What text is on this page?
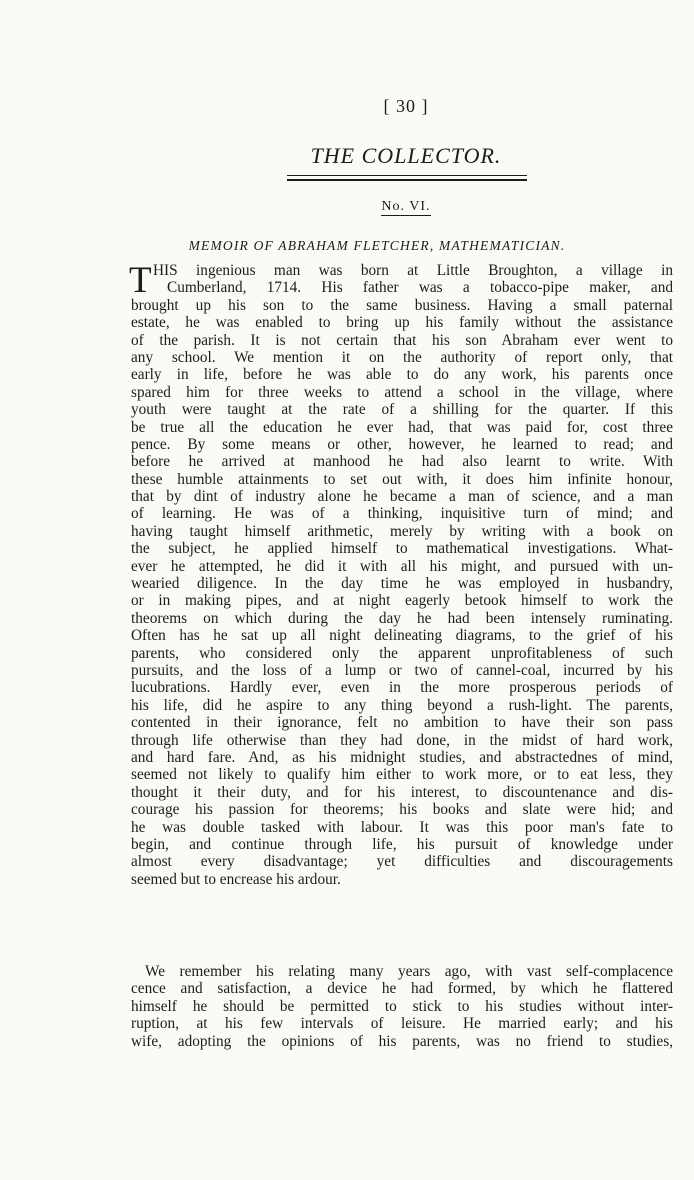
[ 30 ]
THE COLLECTOR.
No. VI.
MEMOIR OF ABRAHAM FLETCHER, MATHEMATICIAN.
T HIS ingenious man was born at Little Broughton, a village in
Cumberland, 1714. His father was a tobacco-pipe maker, and
brought up his son to the same business. Having a small paternal
estate, he was enabled to bring up his family without the assistance
of the parish. It is not certain that his son Abraham ever went to
any school. We mention it on the authority of report only, that
early in life, before he was able to do any work, his parents once
spared him for three weeks to attend a school in the village, where
youth were taught at the rate of a shilling for the quarter. If this
be true all the education he ever had, that was paid for, cost three
pence. By some means or other, however, he learned to read; and
before he arrived at manhood he had also learnt to write. With
these humble attainments to set out with, it does him infinite honour,
that by dint of industry alone he became a man of science, and a man
of learning. He was of a thinking, inquisitive turn of mind; and
having taught himself arithmetic, merely by writing with a book on
the subject, he applied himself to mathematical investigations. What-
ever he attempted, he did it with all his might, and pursued with un-
wearied diligence. In the day time he was employed in husbandry,
or in making pipes, and at night eagerly betook himself to work the
theorems on which during the day he had been intensely ruminating.
Often has he sat up all night delineating diagrams, to the grief of his
parents, who considered only the apparent unprofitableness of such
pursuits, and the loss of a lump or two of cannel-coal, incurred by his
lucubrations. Hardly ever, even in the more prosperous periods of
his life, did he aspire to any thing beyond a rush-light. The parents,
contented in their ignorance, felt no ambition to have their son pass
through life otherwise than they had done, in the midst of hard work,
and hard fare. And, as his midnight studies, and abstractednes of mind,
seemed not likely to qualify him either to work more, or to eat less, they
thought it their duty, and for his interest, to discountenance and dis-
courage his passion for theorems; his books and slate were hid; and
he was double tasked with labour. It was this poor man's fate to
begin, and continue through life, his pursuit of knowledge under
almost every disadvantage; yet difficulties and discouragements
seemed but to encrease his ardour.
We remember his relating many years ago, with vast self-complacence
cence and satisfaction, a device he had formed, by which he flattered
himself he should be permitted to stick to his studies without inter-
ruption, at his few intervals of leisure. He married early; and his
wife, adopting the opinions of his parents, was no friend to studies,
